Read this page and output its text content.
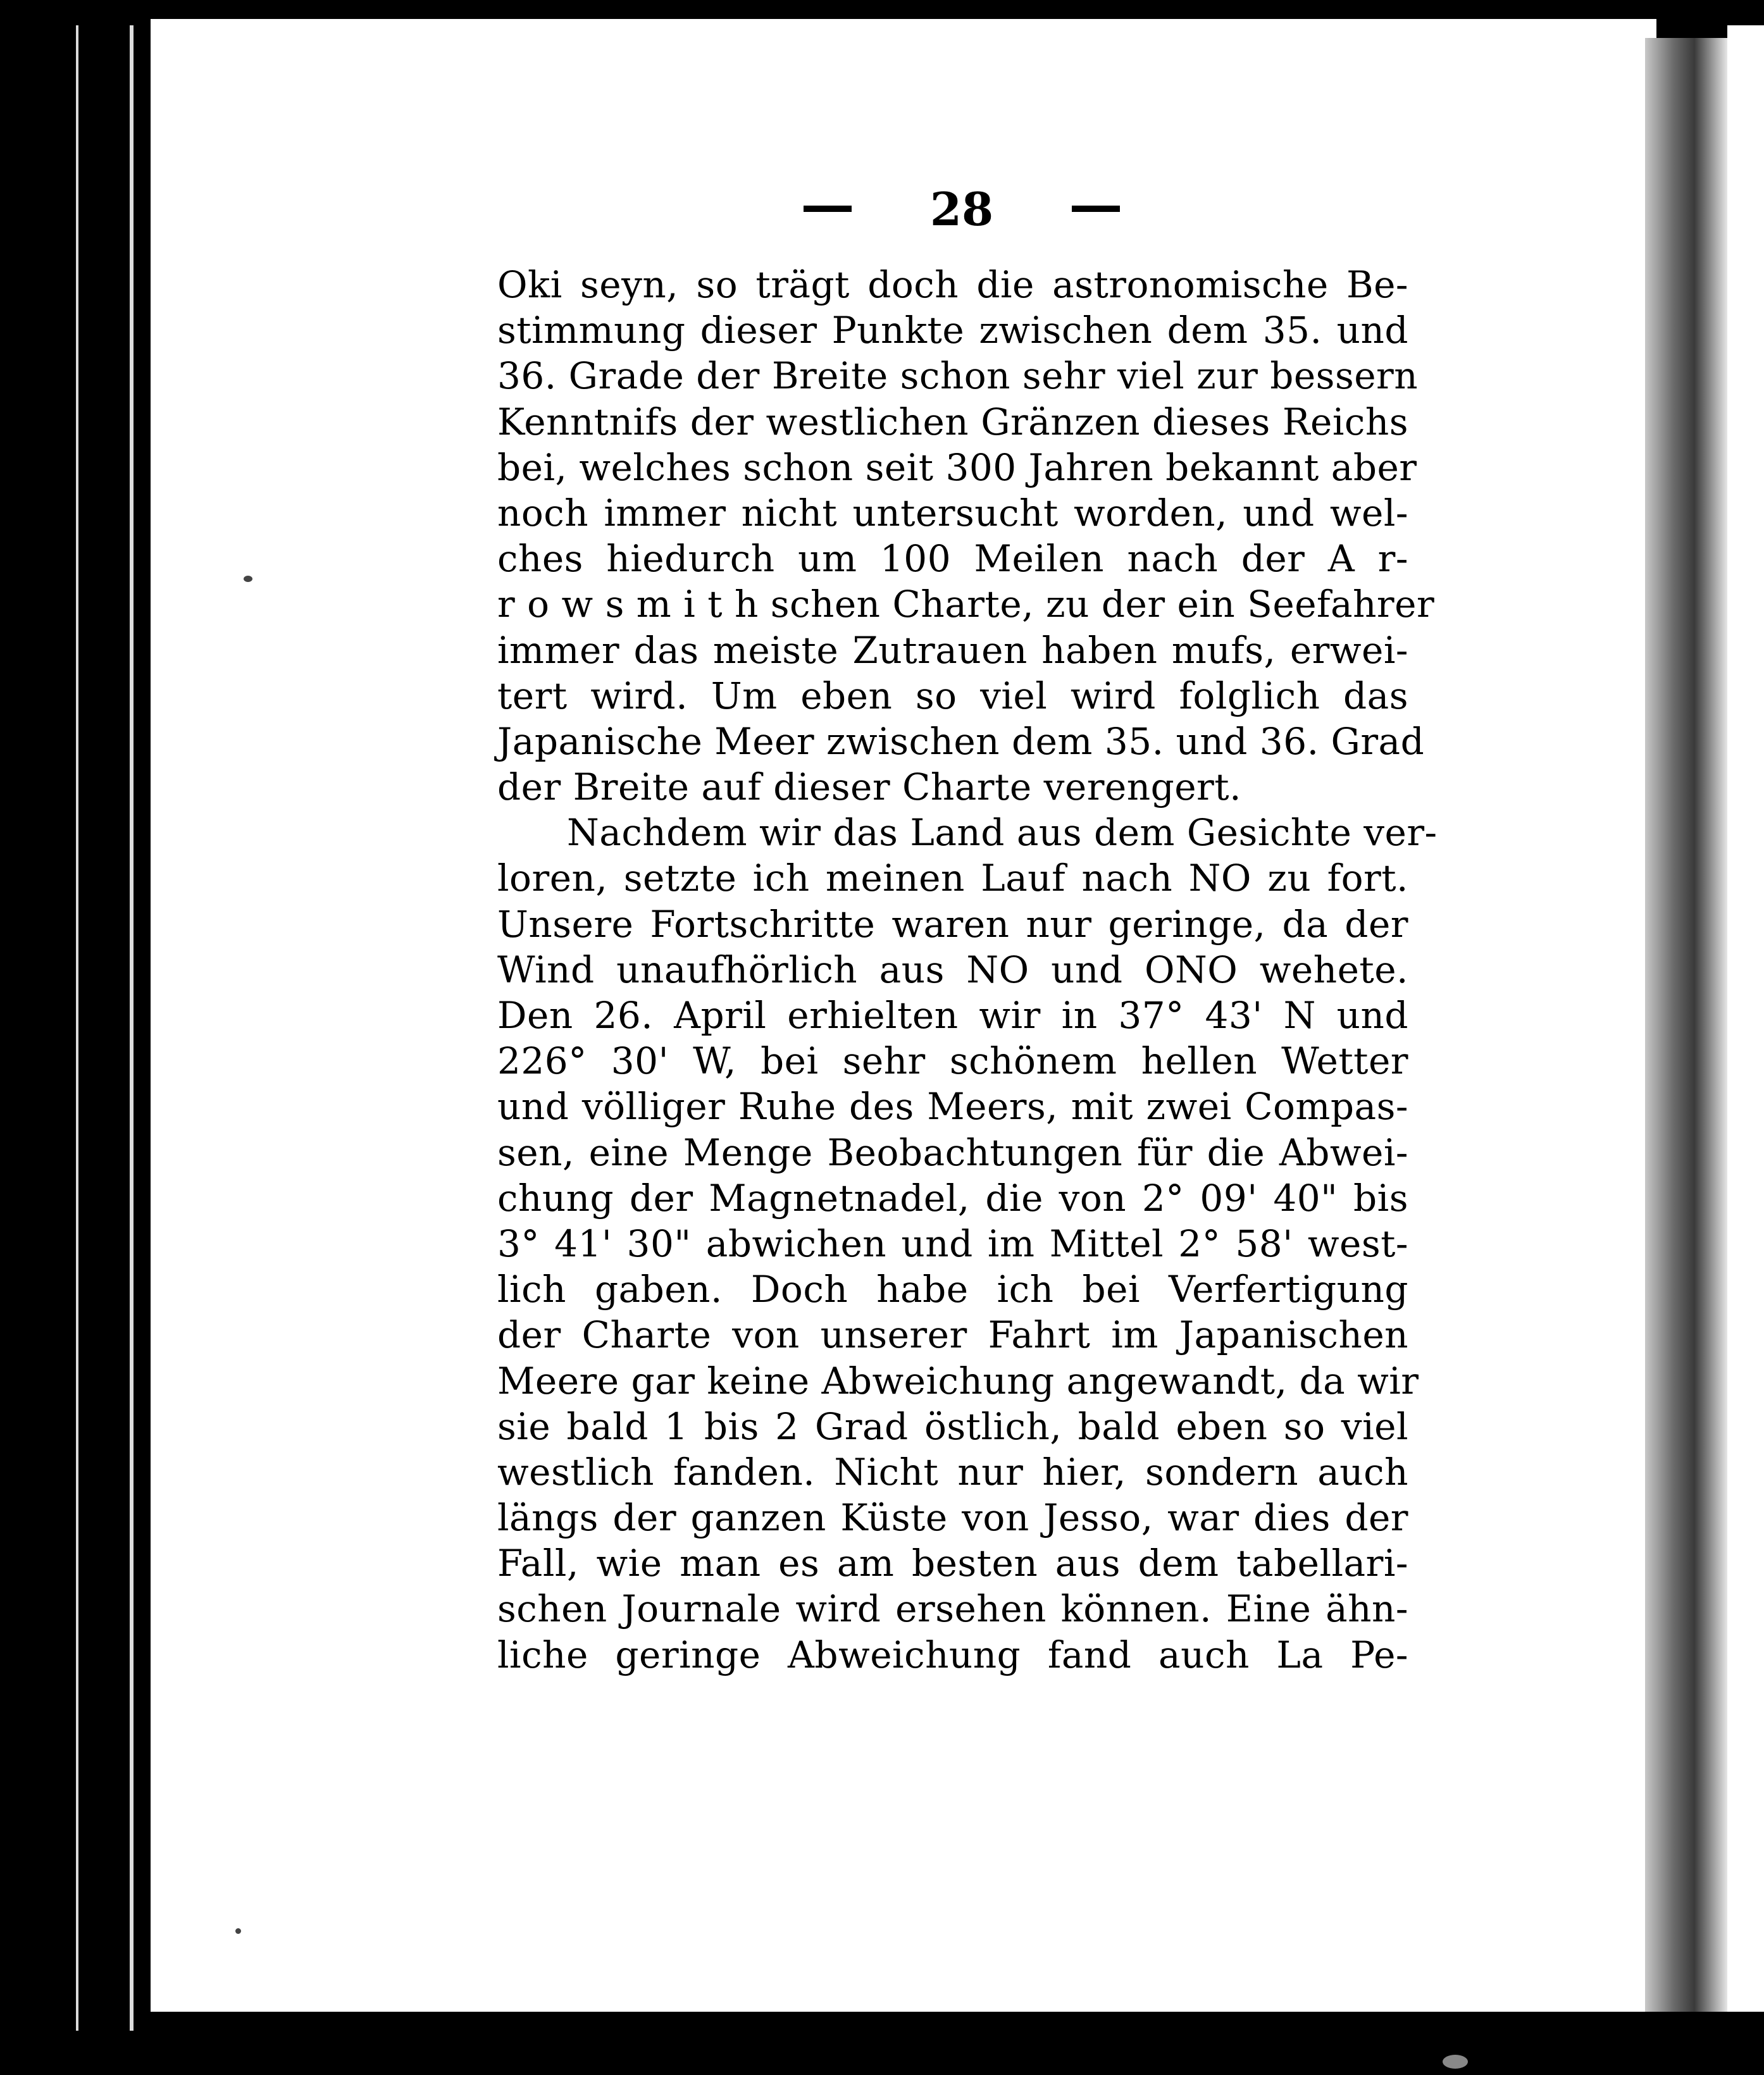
28
Oki seyn, so trägt doch die astronomische Be-
stimmung dieser Punkte zwischen dem 35. und
36. Grade der Breite schon sehr viel zur bessern
Kenntnifs der westlichen Gränzen dieses Reichs
bei, welches schon seit 300 Jahren bekannt aber
noch immer nicht untersucht worden, und wel-
ches hiedurch um 100 Meilen nach der A r-
r o w s m i t h schen Charte, zu der ein Seefahrer
immer das meiste Zutrauen haben mufs, erwei-
tert wird. Um eben so viel wird folglich das
Japanische Meer zwischen dem 35. und 36. Grad
der Breite auf dieser Charte verengert.
Nachdem wir das Land aus dem Gesichte ver-
loren, setzte ich meinen Lauf nach NO zu fort.
Unsere Fortschritte waren nur geringe, da der
Wind unaufhörlich aus NO und ONO wehete.
Den 26. April erhielten wir in 37° 43' N und
226° 30' W, bei sehr schönem hellen Wetter
und völliger Ruhe des Meers, mit zwei Compas-
sen, eine Menge Beobachtungen für die Abwei-
chung der Magnetnadel, die von 2° 09' 40" bis
3° 41' 30" abwichen und im Mittel 2° 58' west-
lich gaben. Doch habe ich bei Verfertigung
der Charte von unserer Fahrt im Japanischen
Meere gar keine Abweichung angewandt, da wir
sie bald 1 bis 2 Grad östlich, bald eben so viel
westlich fanden. Nicht nur hier, sondern auch
längs der ganzen Küste von Jesso, war dies der
Fall, wie man es am besten aus dem tabellari-
schen Journale wird ersehen können. Eine ähn-
liche geringe Abweichung fand auch La Pe-
